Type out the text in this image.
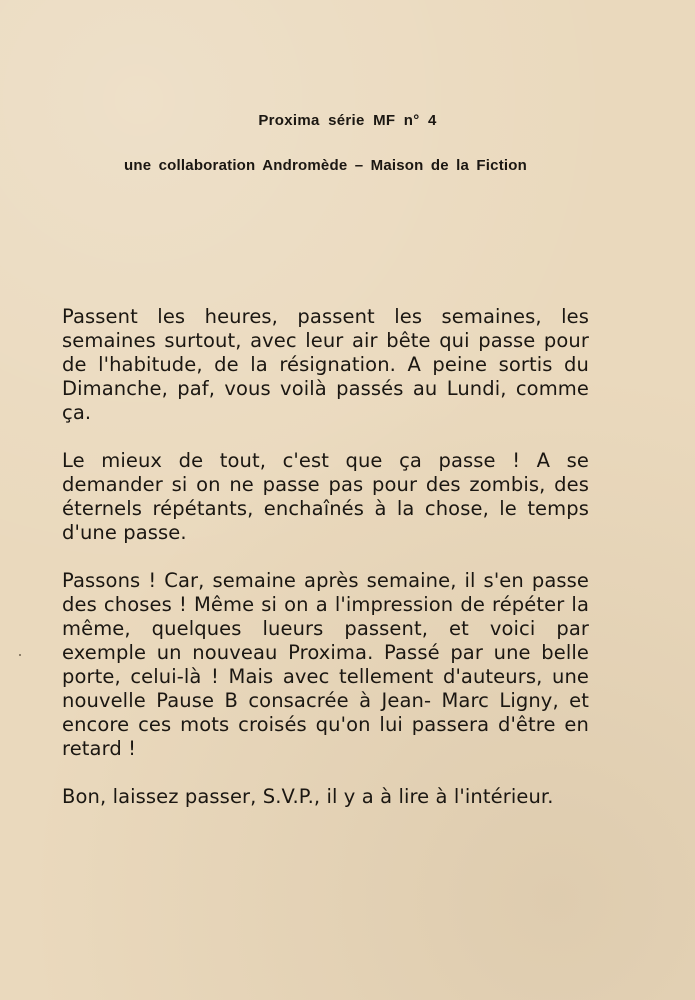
Proxima série MF n° 4
une collaboration Andromède – Maison de la Fiction

Passent les heures, passent les semaines, les semaines surtout, avec leur air bête qui passe pour de l'habitude, de la résignation. A peine sortis du Dimanche, paf, vous voilà passés au Lundi, comme ça.

Le mieux de tout, c'est que ça passe ! A se demander si on ne passe pas pour des zombis, des éternels répétants, enchaînés à la chose, le temps d'une passe.

Passons ! Car, semaine après semaine, il s'en passe des choses ! Même si on a l'impression de répéter la même, quelques lueurs passent, et voici par exemple un nouveau Proxima. Passé par une belle porte, celui-là ! Mais avec tellement d'auteurs, une nouvelle Pause B consacrée à Jean- Marc Ligny, et encore ces mots croisés qu'on lui passera d'être en retard !

Bon, laissez passer, S.V.P., il y a à lire à l'intérieur.
